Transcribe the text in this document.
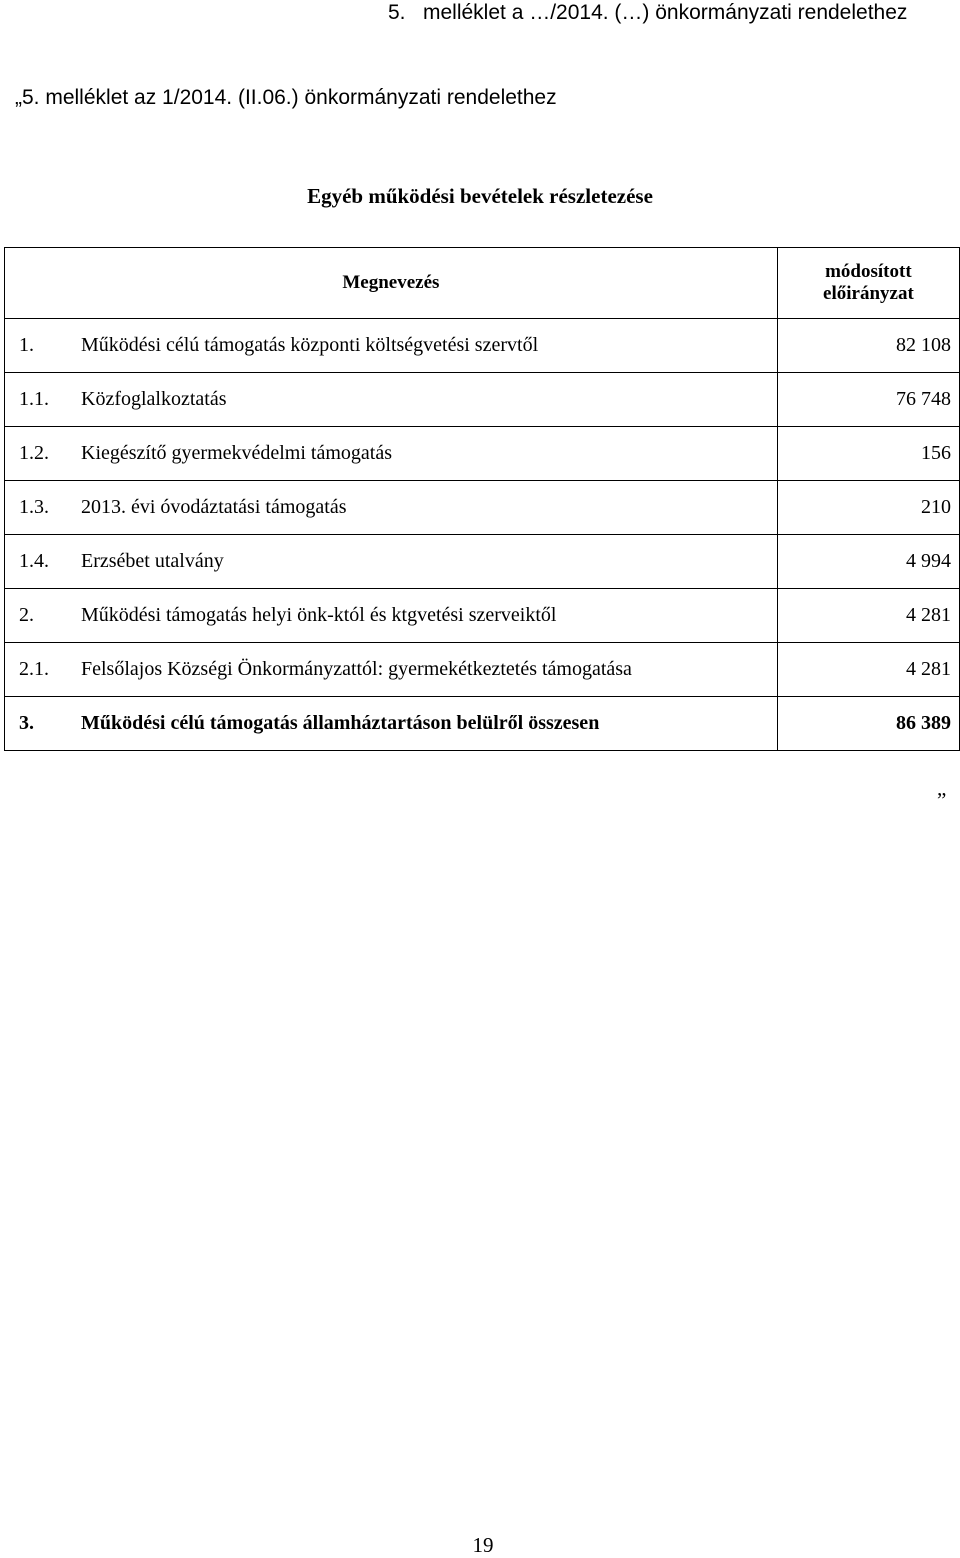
5. melléklet a …/2014. (…) önkormányzati rendelethez
„5. melléklet az 1/2014. (II.06.) önkormányzati rendelethez
Egyéb működési bevételek részletezése
Megnevezés	módosított
előirányzat

1. Működési célú támogatás központi költségvetési szervtől	82 108
1.1. Közfoglalkoztatás	76 748
1.2. Kiegészítő gyermekvédelmi támogatás	156
1.3. 2013. évi óvodáztatási támogatás	210
1.4. Erzsébet utalvány	4 994
2. Működési támogatás helyi önk-któl és ktgvetési szerveiktől	4 281
2.1. Felsőlajos Községi Önkormányzattól: gyermekétkeztetés támogatása	4 281
3. Működési célú támogatás államháztartáson belülről összesen	86 389
”
19
